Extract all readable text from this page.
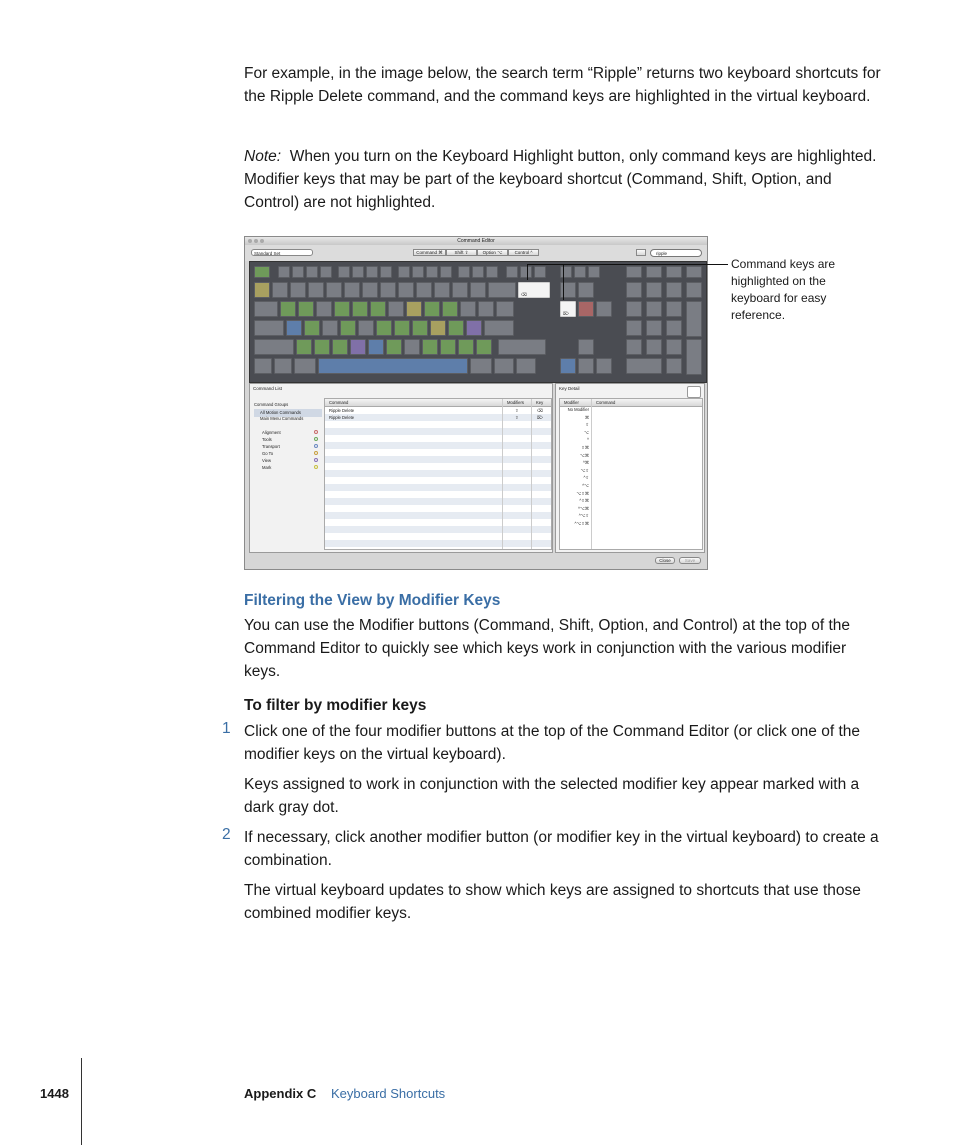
For example, in the image below, the search term “Ripple” returns two keyboard shortcuts for the Ripple Delete command, and the command keys are highlighted in the virtual keyboard.

Note: When you turn on the Keyboard Highlight button, only command keys are highlighted. Modifier keys that may be part of the keyboard shortcut (Command, Shift, Option, and Control) are not highlighted.

Command Editor
Standard Set	Command ⌘	Shift ⇧	Option ⌥	Control ^	ripple
⌫
⌦
Command List
Command Groups
All Motion Commands
Main Menu Commands
Alignment
Tools
Transport
Go To
View
Mark
Command	Modifiers	Key
Ripple Delete	⇧	⌫
Ripple Delete	⇧	⌦
Key Detail
Modifier	Command
No Modifier
⌘
⇧
⌥
^
⇧⌘
⌥⌘
^⌘
⌥⇧
^⇧
^⌥
⌥⇧⌘
^⇧⌘
^⌥⌘
^⌥⇧
^⌥⇧⌘
Close	Save
Command keys are highlighted on the keyboard for easy reference.

Filtering the View by Modifier Keys

You can use the Modifier buttons (Command, Shift, Option, and Control) at the top of the Command Editor to quickly see which keys work in conjunction with the various modifier keys.

To filter by modifier keys

1 Click one of the four modifier buttons at the top of the Command Editor (or click one of the modifier keys on the virtual keyboard).

Keys assigned to work in conjunction with the selected modifier key appear marked with a dark gray dot.

2 If necessary, click another modifier button (or modifier key in the virtual keyboard) to create a combination.

The virtual keyboard updates to show which keys are assigned to shortcuts that use those combined modifier keys.

1448	Appendix C Keyboard Shortcuts
